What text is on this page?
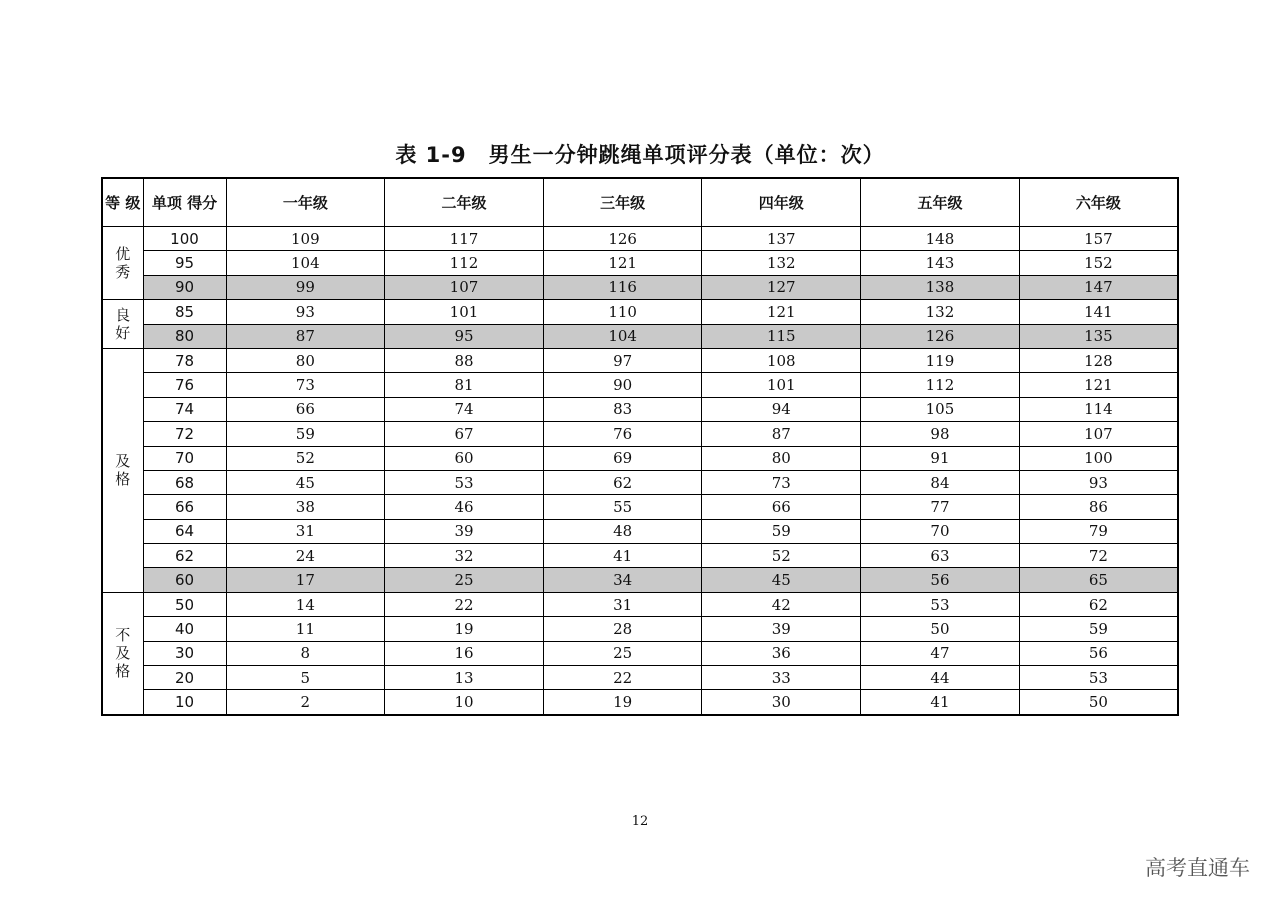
表 1-9　男生一分钟跳绳单项评分表（单位：次）
等 级	单项 得分	一年级	二年级	三年级	四年级	五年级	六年级
优
秀	100	109	117	126	137	148	157
	95	104	112	121	132	143	152
	90	99	107	116	127	138	147
良
好	85	93	101	110	121	132	141
	80	87	95	104	115	126	135
及
格	78	80	88	97	108	119	128
	76	73	81	90	101	112	121
	74	66	74	83	94	105	114
	72	59	67	76	87	98	107
	70	52	60	69	80	91	100
	68	45	53	62	73	84	93
	66	38	46	55	66	77	86
	64	31	39	48	59	70	79
	62	24	32	41	52	63	72
	60	17	25	34	45	56	65
不
及
格	50	14	22	31	42	53	62
	40	11	19	28	39	50	59
	30	8	16	25	36	47	56
	20	5	13	22	33	44	53
	10	2	10	19	30	41	50
12
高考直通车
